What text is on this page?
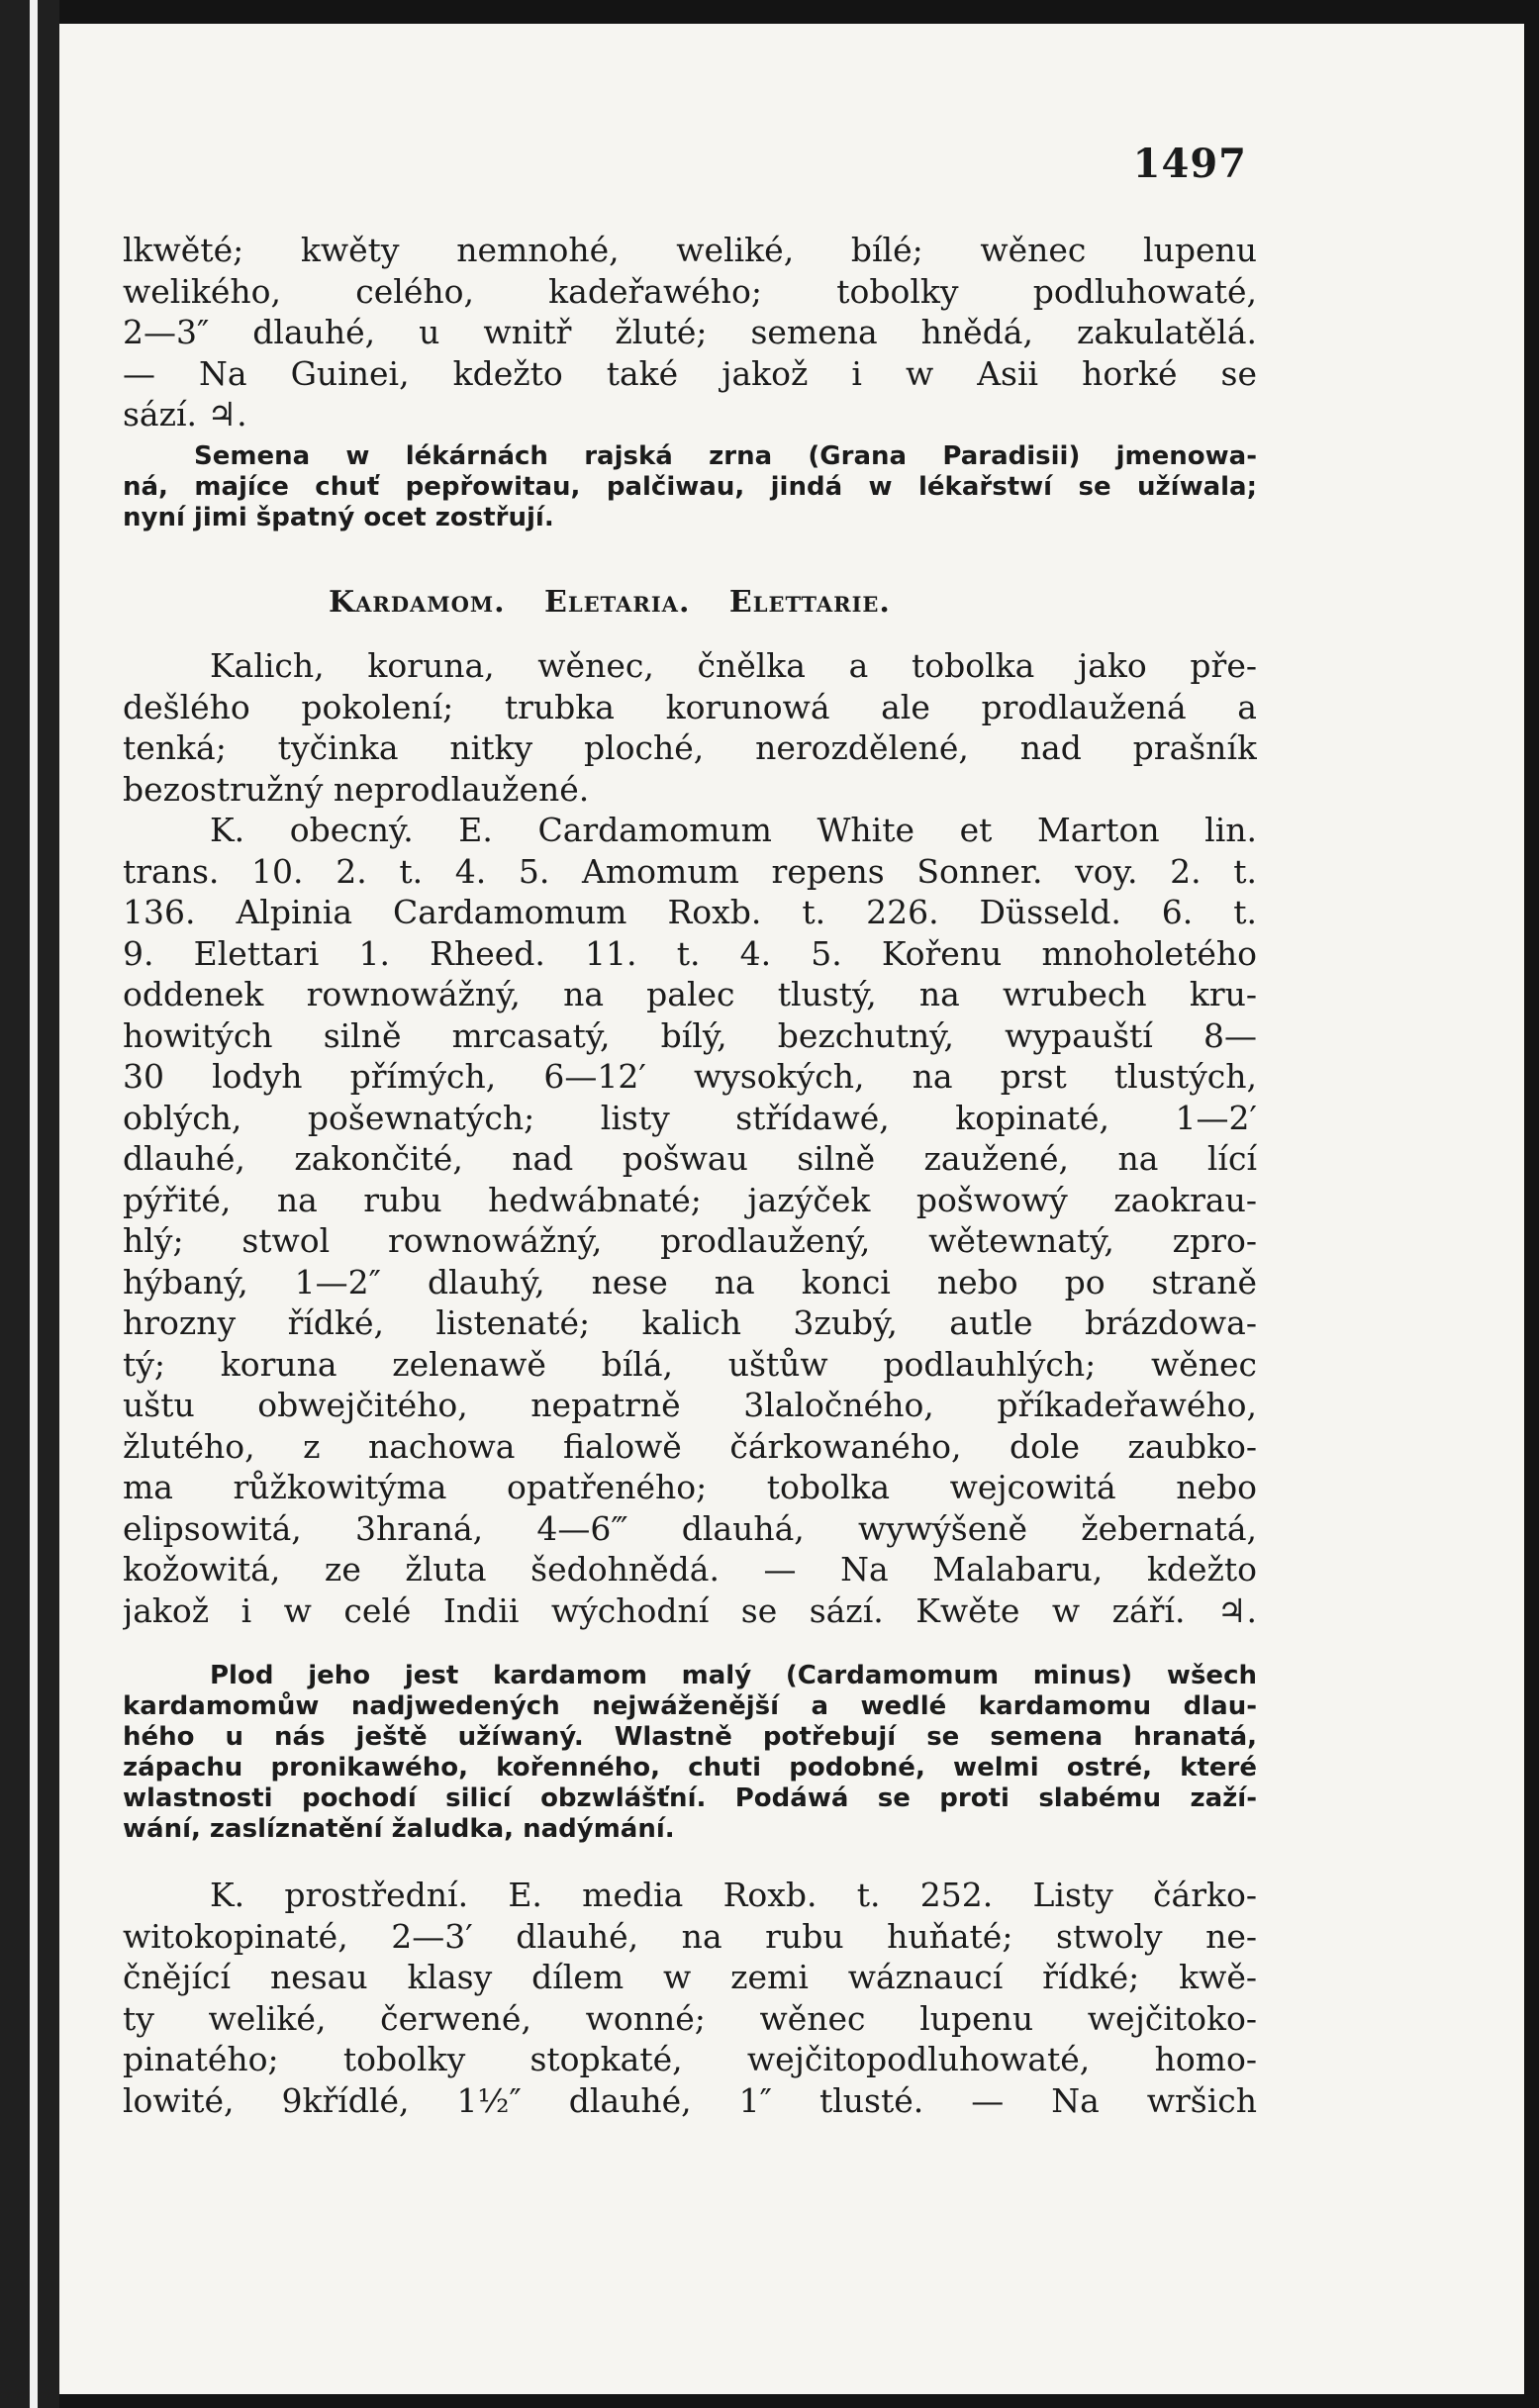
1497
lkwěté; kwěty nemnohé, weliké, bílé; wěnec lupenu
welikého, celého, kadeřawého; tobolky podluhowaté,
2—3″ dlauhé, u wnitř žluté; semena hnědá, zakulatělá.
— Na Guinei, kdežto také jakož i w Asii horké se
sází. ♃.
Semena w lékárnách rajská zrna (Grana Paradisii) jmenowa-
ná, majíce chuť pepřowitau, palčiwau, jindá w lékařstwí se užíwala;
nyní jimi špatný ocet zostřují.
Kardamom. Eletaria. Elettarie.
Kalich, koruna, wěnec, čnělka a tobolka jako pře-
dešlého pokolení; trubka korunowá ale prodlaužená a
tenká; tyčinka nitky ploché, nerozdělené, nad prašník
bezostružný neprodlaužené.
K. obecný. E. Cardamomum White et Marton lin.
trans. 10. 2. t. 4. 5. Amomum repens Sonner. voy. 2. t.
136. Alpinia Cardamomum Roxb. t. 226. Düsseld. 6. t.
9. Elettari 1. Rheed. 11. t. 4. 5. Kořenu mnoholetého
oddenek rownowážný, na palec tlustý, na wrubech kru-
howitých silně mrcasatý, bílý, bezchutný, wypauští 8—
30 lodyh přímých, 6—12′ wysokých, na prst tlustých,
oblých, pošewnatých; listy střídawé, kopinaté, 1—2′
dlauhé, zakončité, nad pošwau silně zaužené, na lící
pýřité, na rubu hedwábnaté; jazýček pošwowý zaokrau-
hlý; stwol rownowážný, prodlaužený, wětewnatý, zpro-
hýbaný, 1—2″ dlauhý, nese na konci nebo po straně
hrozny řídké, listenaté; kalich 3zubý, autle brázdowa-
tý; koruna zelenawě bílá, uštůw podlauhlých; wěnec
uštu obwejčitého, nepatrně 3laločného, příkadeřawého,
žlutého, z nachowa fialowě čárkowaného, dole zaubko-
ma růžkowitýma opatřeného; tobolka wejcowitá nebo
elipsowitá, 3hraná, 4—6‴ dlauhá, wywýšeně žebernatá,
kožowitá, ze žluta šedohnědá. — Na Malabaru, kdežto
jakož i w celé Indii wýchodní se sází. Kwěte w září. ♃.
Plod jeho jest kardamom malý (Cardamomum minus) wšech
kardamomůw nadjwedených nejwáženější a wedlé kardamomu dlau-
hého u nás ještě užíwaný. Wlastně potřebují se semena hranatá,
zápachu pronikawého, kořenného, chuti podobné, welmi ostré, které
wlastnosti pochodí silicí obzwlášťní. Podáwá se proti slabému zaží-
wání, zaslíznatění žaludka, nadýmání.
K. prostřední. E. media Roxb. t. 252. Listy čárko-
witokopinaté, 2—3′ dlauhé, na rubu huňaté; stwoly ne-
čnějící nesau klasy dílem w zemi wáznaucí řídké; kwě-
ty weliké, čerwené, wonné; wěnec lupenu wejčitoko-
pinatého; tobolky stopkaté, wejčitopodluhowaté, homo-
lowité, 9křídlé, 1½″ dlauhé, 1″ tlusté. — Na wršich
